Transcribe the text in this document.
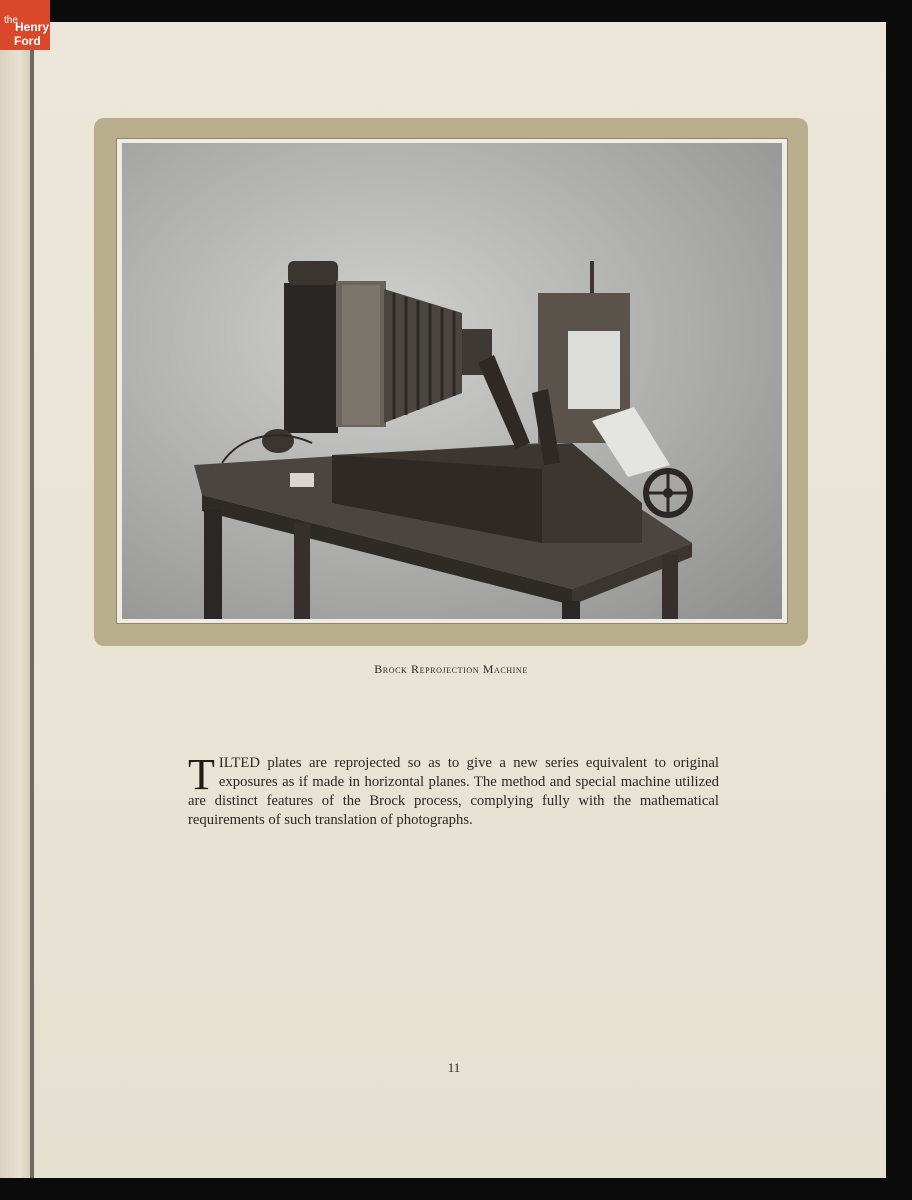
the
Henry
Ford
Brock Reprojection Machine
TILTED plates are reprojected so as to give a new series equivalent to original exposures as if made in horizontal planes. The method and special machine utilized are distinct features of the Brock process, complying fully with the mathematical requirements of such translation of photographs.
11
